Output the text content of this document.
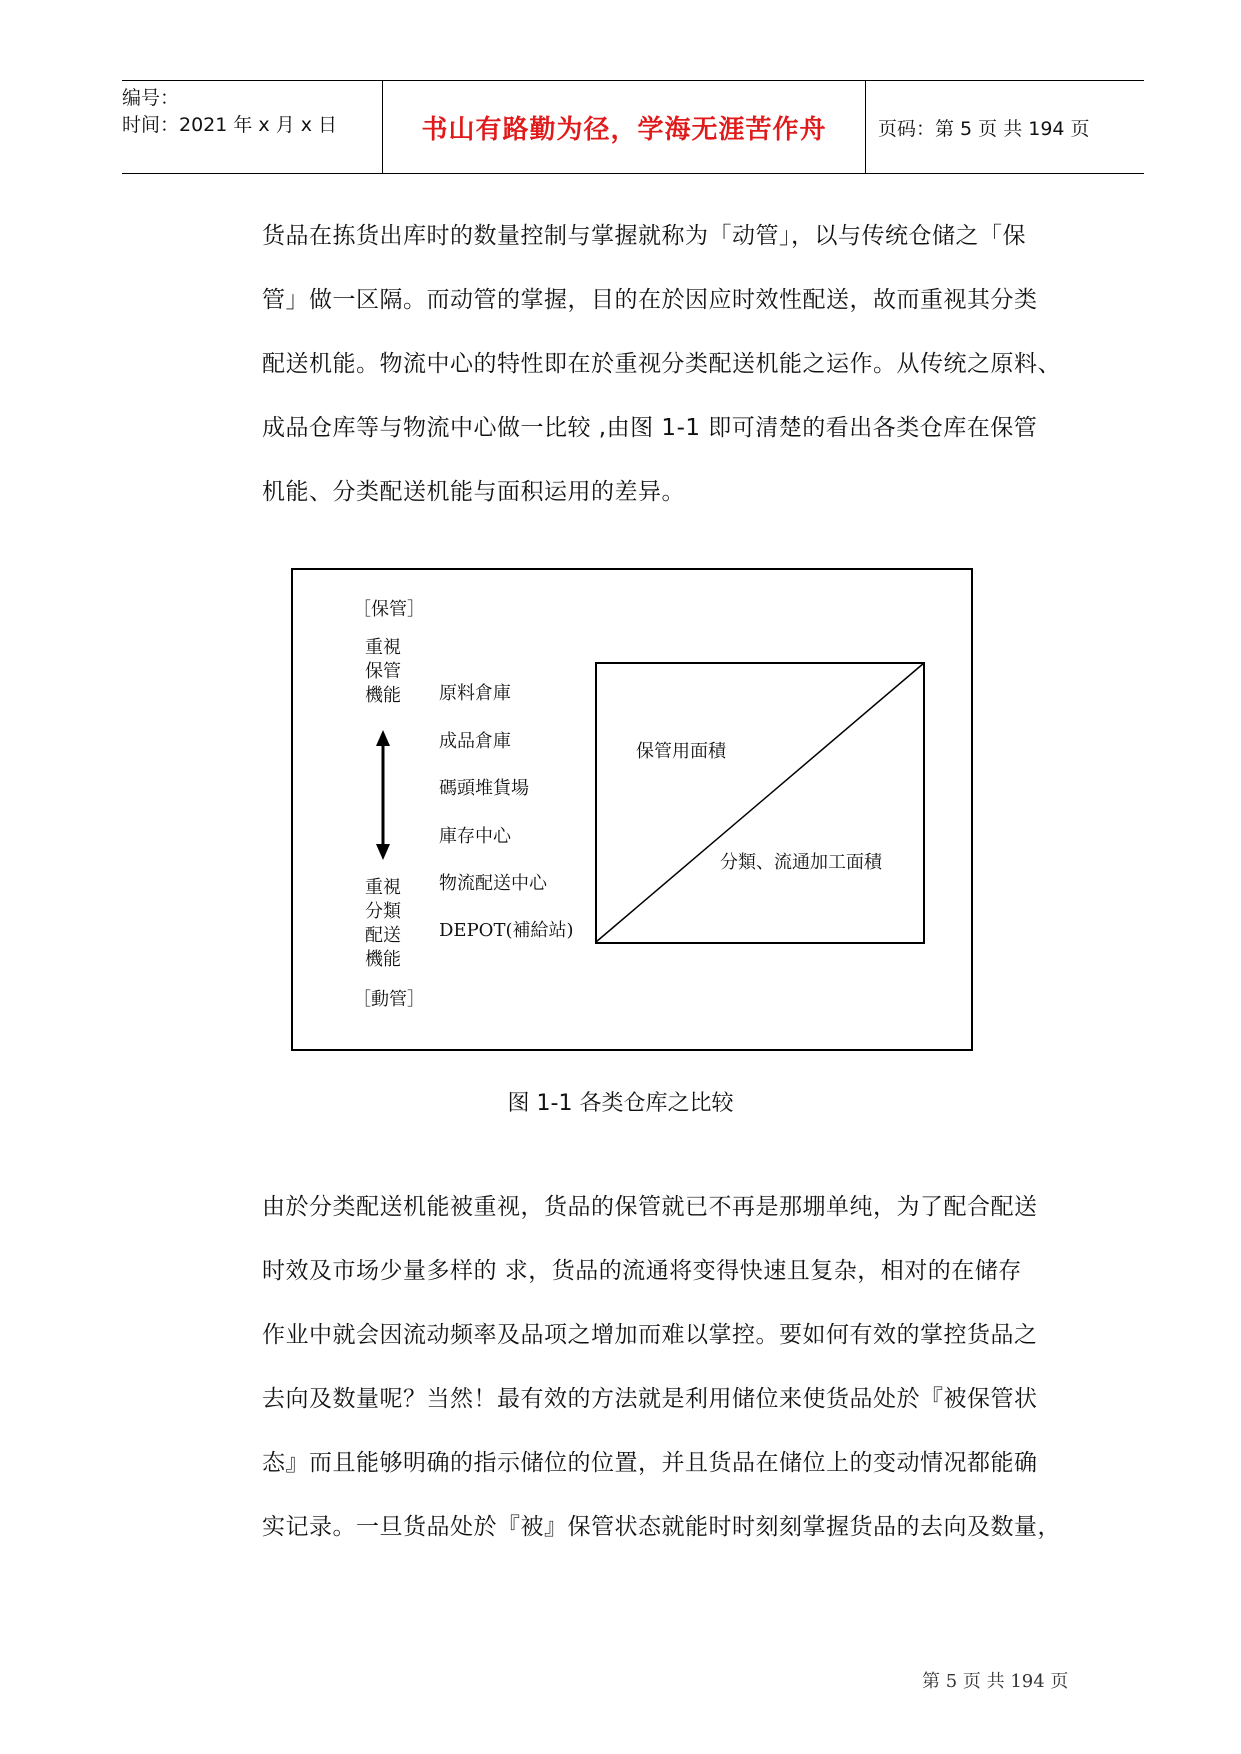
编号：
时间：2021 年 x 月 x 日	书山有路勤为径，学海无涯苦作舟	页码：第 5 页 共 194 页
货品在拣货出库时的数量控制与掌握就称为「动管」，以与传统仓储之「保
管」做一区隔。而动管的掌握，目的在於因应时效性配送，故而重视其分类
配送机能。物流中心的特性即在於重视分类配送机能之运作。从传统之原料、
成品仓库等与物流中心做一比较 ,由图 1-1 即可清楚的看出各类仓库在保管
机能、分类配送机能与面积运用的差异。
［保管］
重視
保管
機能
重視
分類
配送
機能
［動管］
原料倉庫
成品倉庫
碼頭堆貨場
庫存中心
物流配送中心
DEPOT(補給站)
保管用面積
分類、流通加工面積
图 1-1 各类仓库之比较
由於分类配送机能被重视，货品的保管就已不再是那堋单纯，为了配合配送
时效及市场少量多样的 求，货品的流通将变得快速且复杂，相对的在储存
作业中就会因流动频率及品项之增加而难以掌控。要如何有效的掌控货品之
去向及数量呢？当然！最有效的方法就是利用储位来使货品处於『被保管状
态』而且能够明确的指示储位的位置，并且货品在储位上的变动情况都能确
实记录。一旦货品处於『被』保管状态就能时时刻刻掌握货品的去向及数量，
第 5 页 共 194 页
